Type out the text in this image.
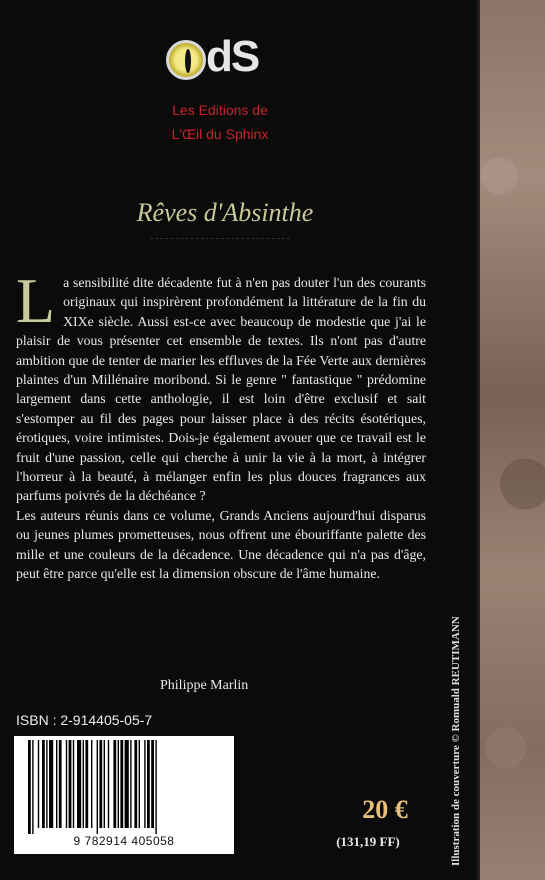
dS
Les Editions de
L'Œil du Sphinx
Rêves d'Absinthe

La sensibilité dite décadente fut à n'en pas douter l'un des courants originaux qui inspirèrent profondément la littérature de la fin du XIXe siècle. Aussi est-ce avec beaucoup de modestie que j'ai le plaisir de vous présenter cet ensemble de textes. Ils n'ont pas d'autre ambition que de tenter de marier les effluves de la Fée Verte aux dernières plaintes d'un Millénaire moribond. Si le genre " fantastique " prédomine largement dans cette anthologie, il est loin d'être exclusif et sait s'estomper au fil des pages pour laisser place à des récits ésotériques, érotiques, voire intimistes. Dois-je également avouer que ce travail est le fruit d'une passion, celle qui cherche à unir la vie à la mort, à intégrer l'horreur à la beauté, à mélanger enfin les plus douces fragrances aux parfums poivrés de la déchéance ?

Les auteurs réunis dans ce volume, Grands Anciens aujourd'hui disparus ou jeunes plumes prometteuses, nous offrent une ébouriffante palette des mille et une couleurs de la décadence. Une décadence qui n'a pas d'âge, peut être parce qu'elle est la dimension obscure de l'âme humaine.

Philippe Marlin
ISBN : 2-914405-05-7
9 782914 405058
20 €
(131,19 FF)	Illustration de couverture © Romuald REUTIMANN
